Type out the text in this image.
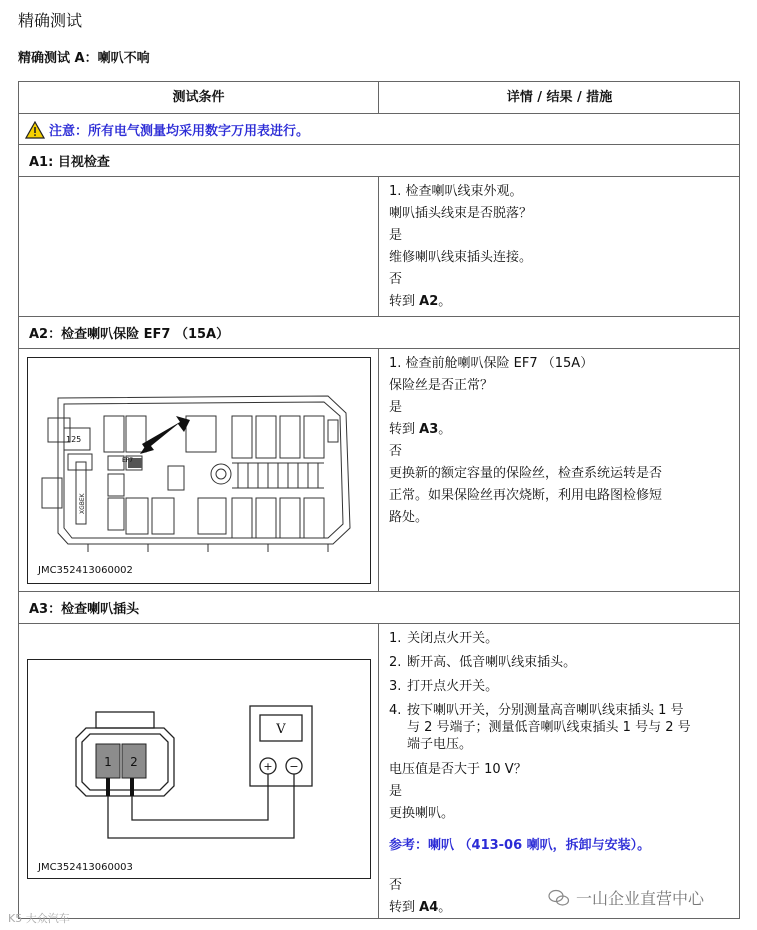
精确测试
精确测试 A：喇叭不响
测试条件	详情 / 结果 / 措施
注意：所有电气测量均采用数字万用表进行。
A1: 目视检查
1. 检查喇叭线束外观。
喇叭插头线束是否脱落？
是
维修喇叭线束插头连接。
否
转到 A2。
A2：检查喇叭保险 EF7 （15A）
125
EF7
XGBEK
JMC352413060002
1. 检查前舱喇叭保险 EF7 （15A）
保险丝是否正常？
是
转到 A3。
否
更换新的额定容量的保险丝，检查系统运转是否
正常。如果保险丝再次烧断，利用电路图检修短
路处。
A3：检查喇叭插头
1 2
V
+ −
JMC352413060003
1. 关闭点火开关。
2. 断开高、低音喇叭线束插头。
3. 打开点火开关。
4. 按下喇叭开关，分别测量高音喇叭线束插头 1 号
与 2 号端子；测量低音喇叭线束插头 1 号与 2 号
端子电压。
电压值是否大于 10 V？
是
更换喇叭。
参考：喇叭 （413-06 喇叭，拆卸与安装）。
否
转到 A4。	一山企业直营中心
K5 大众汽车
